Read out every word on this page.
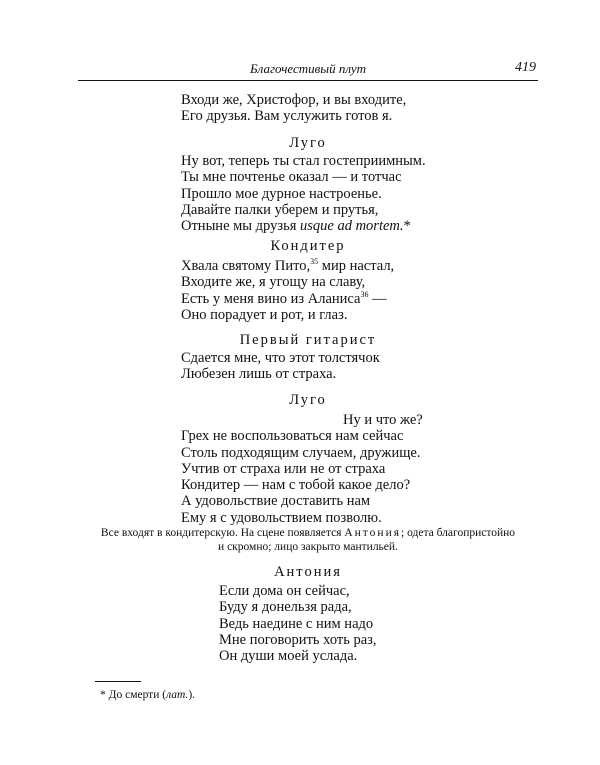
Благочестивый плут	419
Входи же, Христофор, и вы входите,
Его друзья. Вам услужить готов я.
Луго
Ну вот, теперь ты стал гостеприимным.
Ты мне почтенье оказал — и тотчас
Прошло мое дурное настроенье.
Давайте палки уберем и прутья,
Отныне мы друзья usque ad mortem.*
Кондитер
Хвала святому Пито,$^{35}$ мир настал,
Входите же, я угощу на славу,
Есть у меня вино из Аланиса$^{36}$ —
Оно порадует и рот, и глаз.
Первый гитарист
Сдается мне, что этот толстячок
Любезен лишь от страха.
Луго
Ну и что же?
Грех не воспользоваться нам сейчас
Столь подходящим случаем, дружище.
Учтив от страха или не от страха
Кондитер — нам с тобой какое дело?
А удовольствие доставить нам
Ему я с удовольствием позволю.
Все входят в кондитерскую. На сцене появляется Антония; одета благопристойно
и скромно; лицо закрыто мантильей.
Антония
Если дома он сейчас,
Буду я донельзя рада,
Ведь наедине с ним надо
Мне поговорить хоть раз,
Он души моей услада.
* До смерти (лат.).
